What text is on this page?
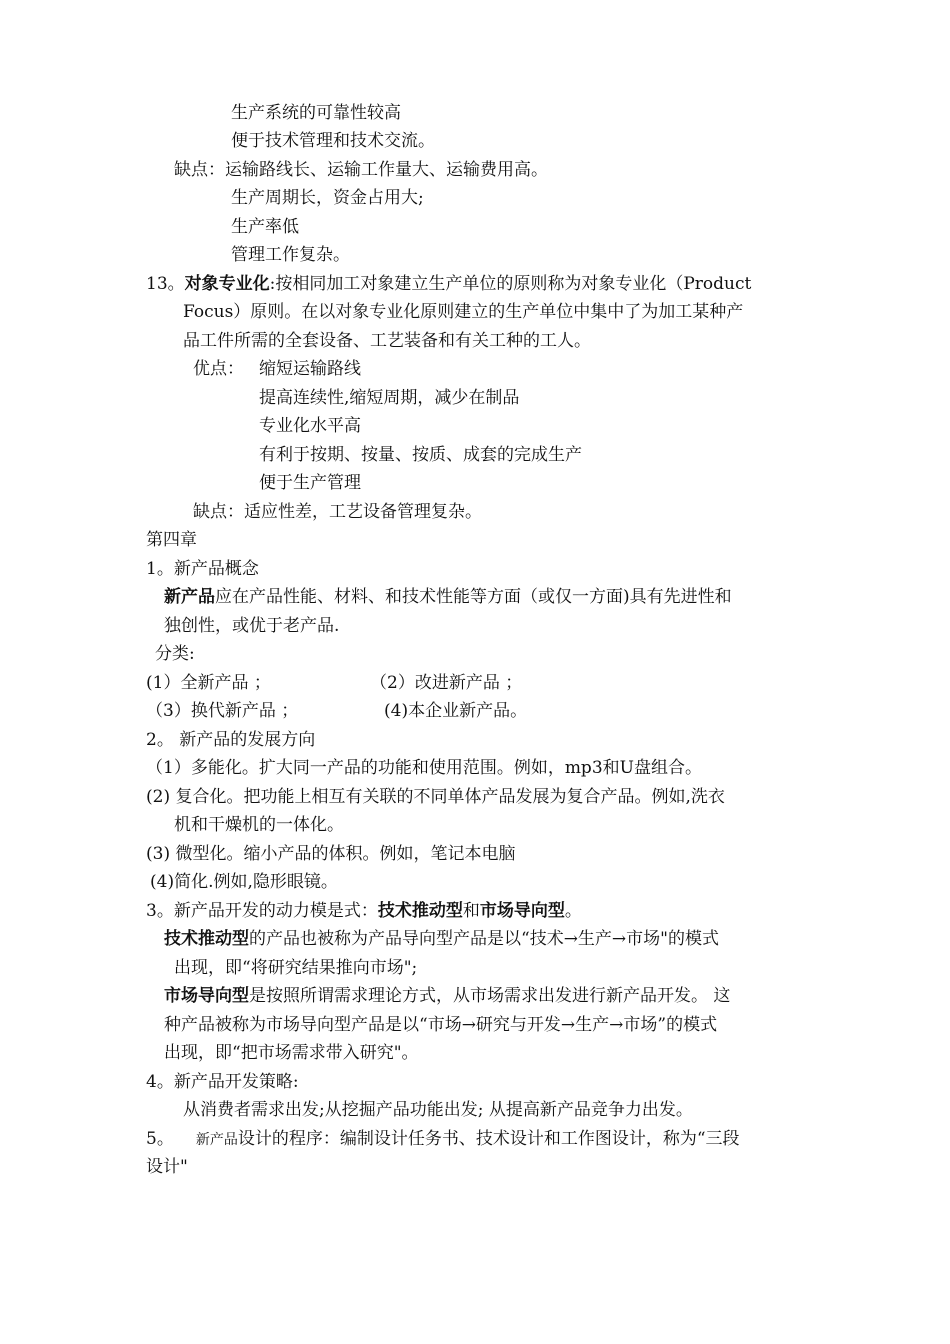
生产系统的可靠性较高
便于技术管理和技术交流。
缺点：运输路线长、运输工作量大、运输费用高。
生产周期长，资金占用大;
生产率低
管理工作复杂。
13。对象专业化:按相同加工对象建立生产单位的原则称为对象专业化（Product
Focus）原则。在以对象专业化原则建立的生产单位中集中了为加工某种产
品工件所需的全套设备、工艺装备和有关工种的工人。
优点： 缩短运输路线
提高连续性,缩短周期，减少在制品
专业化水平高
有利于按期、按量、按质、成套的完成生产
便于生产管理
缺点：适应性差，工艺设备管理复杂。
第四章
1。新产品概念
新产品应在产品性能、材料、和技术性能等方面（或仅一方面)具有先进性和
独创性，或优于老产品.
分类:
(1）全新产品 ；	（2）改进新产品 ；
（3）换代新产品 ；	(4)本企业新产品。
2。 新产品的发展方向
（1）多能化。扩大同一产品的功能和使用范围。例如，mp3和U盘组合。
(2) 复合化。把功能上相互有关联的不同单体产品发展为复合产品。例如,洗衣
机和干燥机的一体化。
(3) 微型化。缩小产品的体积。例如，笔记本电脑
(4)简化.例如,隐形眼镜。
3。新产品开发的动力模是式：技术推动型和市场导向型。
技术推动型的产品也被称为产品导向型产品是以“技术→生产→市场"的模式
出现，即“将研究结果推向市场";
市场导向型是按照所谓需求理论方式，从市场需求出发进行新产品开发。 这
种产品被称为市场导向型产品是以“市场→研究与开发→生产→市场”的模式
出现，即“把市场需求带入研究"。
4。新产品开发策略:
从消费者需求出发;从挖掘产品功能出发; 从提高新产品竞争力出发。
5。 新产品设计的程序：编制设计任务书、技术设计和工作图设计，称为“三段
设计"
